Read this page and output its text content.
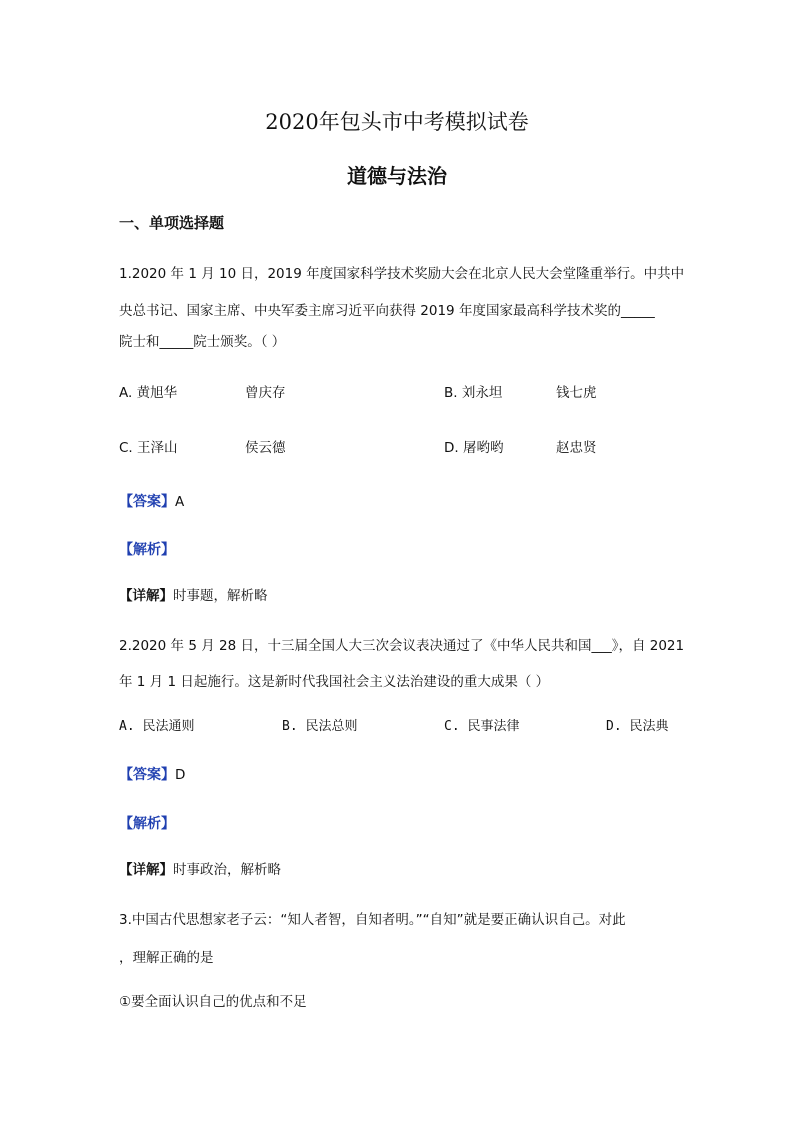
2020年包头市中考模拟试卷
道德与法治
一、单项选择题
1.2020 年 1 月 10 日，2019 年度国家科学技术奖励大会在北京人民大会堂隆重举行。中共中
央总书记、国家主席、中央军委主席习近平向获得 2019 年度国家最高科学技术奖的_____
院士和_____院士颁奖。（ ）
A. 黄旭华	曾庆存	B. 刘永坦	钱七虎
C. 王泽山	侯云德	D. 屠哟哟	赵忠贤
【答案】A
【解析】
【详解】时事题，解析略
2.2020 年 5 月 28 日，十三届全国人大三次会议表决通过了《中华人民共和国___》，自 2021
年 1 月 1 日起施行。这是新时代我国社会主义法治建设的重大成果（ ）
A. 民法通则	B. 民法总则	C. 民事法律	D. 民法典
【答案】D
【解析】
【详解】时事政治，解析略
3.中国古代思想家老子云：“知人者智，自知者明。”“自知”就是要正确认识自己。对此
，理解正确的是
①要全面认识自己的优点和不足
